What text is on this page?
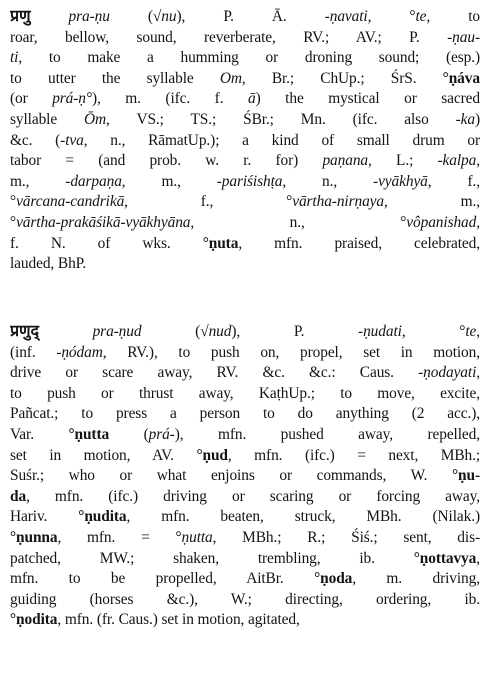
प्रणु pra-ṇu (√nu), P. Ā. -ṇavati, °te, to
roar, bellow, sound, reverberate, RV.; AV.; P. -ṇau-
ti, to make a humming or droning sound; (esp.)
to utter the syllable Om, Br.; ChUp.; ŚrS. °ṇáva
(or prá-ṇ°), m. (ifc. f. ā) the mystical or sacred
syllable Ōm, VS.; TS.; ŚBr.; Mn. (ifc. also -ka)
&c. (-tva, n., RāmatUp.); a kind of small drum or
tabor = (and prob. w. r. for) paṇana, L.; -kalpa,
m., -darpaṇa, m., -pariśishṭa, n., -vyākhyā, f.,
°vārcana-candrikā, f., °vārtha-nirṇaya, m.,
°vārtha-prakāśikā-vyākhyāna, n., °vôpanishad,
f. N. of wks. °ṇuta, mfn. praised, celebrated,
lauded, BhP.
प्रणुद्	pra-ṇud (√nud), P. -ṇudati, °te,
(inf. -ṇódam, RV.), to push on, propel, set in motion,
drive or scare away, RV. &c. &c.: Caus. -ṇodayati,
to push or thrust away, KaṭhUp.; to move, excite,
Pañcat.; to press a person to do anything (2 acc.),
Var. °ṇutta (prá-), mfn. pushed away, repelled,
set in motion, AV. °ṇud, mfn. (ifc.) = next, MBh.;
Suśr.; who or what enjoins or commands, W. °ṇu-
da, mfn. (ifc.) driving or scaring or forcing away,
Hariv. °ṇudita, mfn. beaten, struck, MBh. (Nilak.)
°ṇunna, mfn. = °ṇutta, MBh.; R.; Śiś.; sent, dis-
patched, MW.; shaken, trembling, ib. °ṇottavya,
mfn. to be propelled, AitBr. °ṇoda, m. driving,
guiding (horses &c.), W.; directing, ordering, ib.
°ṇodita, mfn. (fr. Caus.) set in motion, agitated,
